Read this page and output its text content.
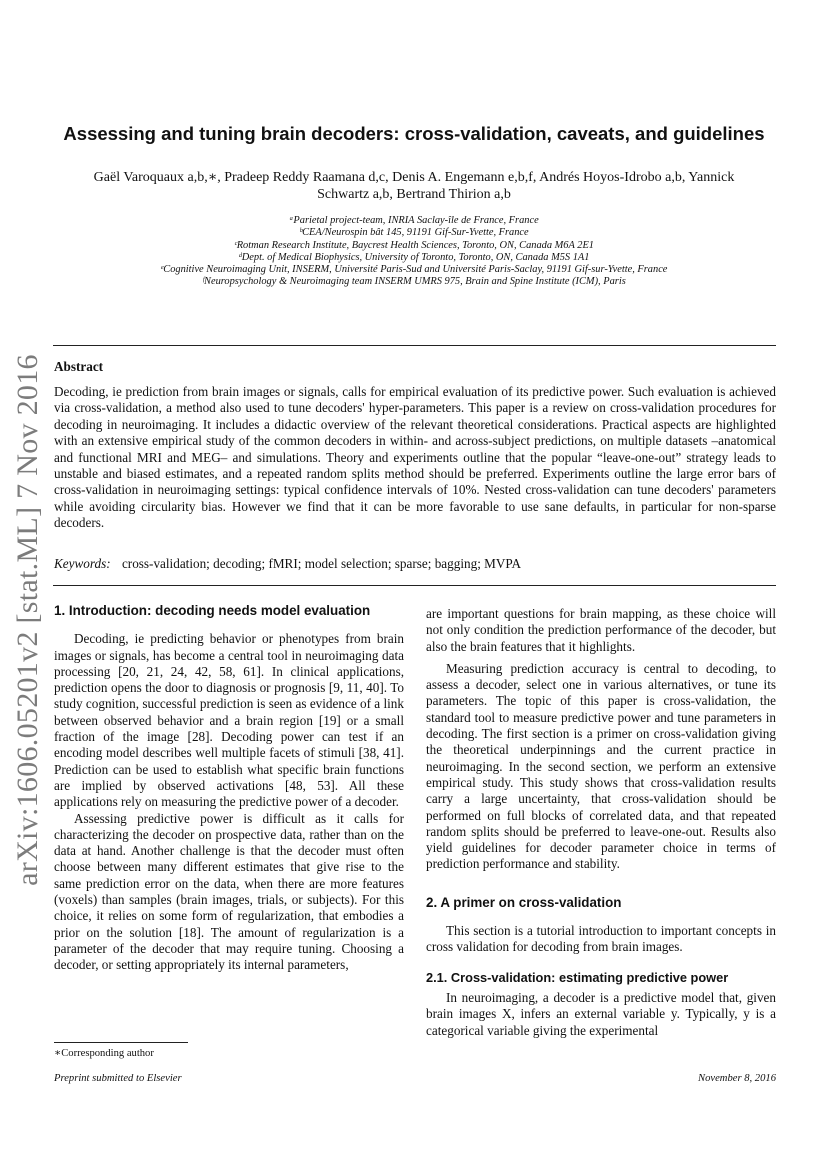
Assessing and tuning brain decoders: cross-validation, caveats, and guidelines
Gaël Varoquaux a,b,∗, Pradeep Reddy Raamana d,c, Denis A. Engemann e,b,f, Andrés Hoyos-Idrobo a,b, Yannick
Schwartz a,b, Bertrand Thirion a,b
ᵃParietal project-team, INRIA Saclay-île de France, France
ᵇCEA/Neurospin bât 145, 91191 Gif-Sur-Yvette, France
ᶜRotman Research Institute, Baycrest Health Sciences, Toronto, ON, Canada M6A 2E1
ᵈDept. of Medical Biophysics, University of Toronto, Toronto, ON, Canada M5S 1A1
ᵉCognitive Neuroimaging Unit, INSERM, Université Paris-Sud and Université Paris-Saclay, 91191 Gif-sur-Yvette, France
ᶠNeuropsychology & Neuroimaging team INSERM UMRS 975, Brain and Spine Institute (ICM), Paris
arXiv:1606.05201v2 [stat.ML] 7 Nov 2016 Abstract
Decoding, ie prediction from brain images or signals, calls for empirical evaluation of its predictive power. Such evaluation is achieved via cross-validation, a method also used to tune decoders' hyper-parameters. This paper is a review on cross-validation procedures for decoding in neuroimaging. It includes a didactic overview of the relevant theoretical considerations. Practical aspects are highlighted with an extensive empirical study of the common decoders in within- and across-subject predictions, on multiple datasets –anatomical and functional MRI and MEG– and simulations. Theory and experiments outline that the popular “leave-one-out” strategy leads to unstable and biased estimates, and a repeated random splits method should be preferred. Experiments outline the large error bars of cross-validation in neuroimaging settings: typical confidence intervals of 10%. Nested cross-validation can tune decoders' parameters while avoiding circularity bias. However we find that it can be more favorable to use sane defaults, in particular for non-sparse decoders.
Keywords: cross-validation; decoding; fMRI; model selection; sparse; bagging; MVPA
1. Introduction: decoding needs model evaluation

Decoding, ie predicting behavior or phenotypes from brain images or signals, has become a central tool in neuroimaging data processing [20, 21, 24, 42, 58, 61]. In clinical applications, prediction opens the door to diagnosis or prognosis [9, 11, 40]. To study cognition, successful prediction is seen as evidence of a link between observed behavior and a brain region [19] or a small fraction of the image [28]. Decoding power can test if an encoding model describes well multiple facets of stimuli [38, 41]. Prediction can be used to establish what specific brain functions are implied by observed activations [48, 53]. All these applications rely on measuring the predictive power of a decoder.

Assessing predictive power is difficult as it calls for characterizing the decoder on prospective data, rather than on the data at hand. Another challenge is that the decoder must often choose between many different estimates that give rise to the same prediction error on the data, when there are more features (voxels) than samples (brain images, trials, or subjects). For this choice, it relies on some form of regularization, that embodies a prior on the solution [18]. The amount of regularization is a parameter of the decoder that may require tuning. Choosing a decoder, or setting appropriately its internal parameters,

are important questions for brain mapping, as these choice will not only condition the prediction performance of the decoder, but also the brain features that it highlights.

Measuring prediction accuracy is central to decoding, to assess a decoder, select one in various alternatives, or tune its parameters. The topic of this paper is cross-validation, the standard tool to measure predictive power and tune parameters in decoding. The first section is a primer on cross-validation giving the theoretical underpinnings and the current practice in neuroimaging. In the second section, we perform an extensive empirical study. This study shows that cross-validation results carry a large uncertainty, that cross-validation should be performed on full blocks of correlated data, and that repeated random splits should be preferred to leave-one-out. Results also yield guidelines for decoder parameter choice in terms of prediction performance and stability.

2. A primer on cross-validation

This section is a tutorial introduction to important concepts in cross validation for decoding from brain images.

2.1. Cross-validation: estimating predictive power

In neuroimaging, a decoder is a predictive model that, given brain images X, infers an external variable y. Typically, y is a categorical variable giving the experimental

∗Corresponding author
Preprint submitted to Elsevier	November 8, 2016
